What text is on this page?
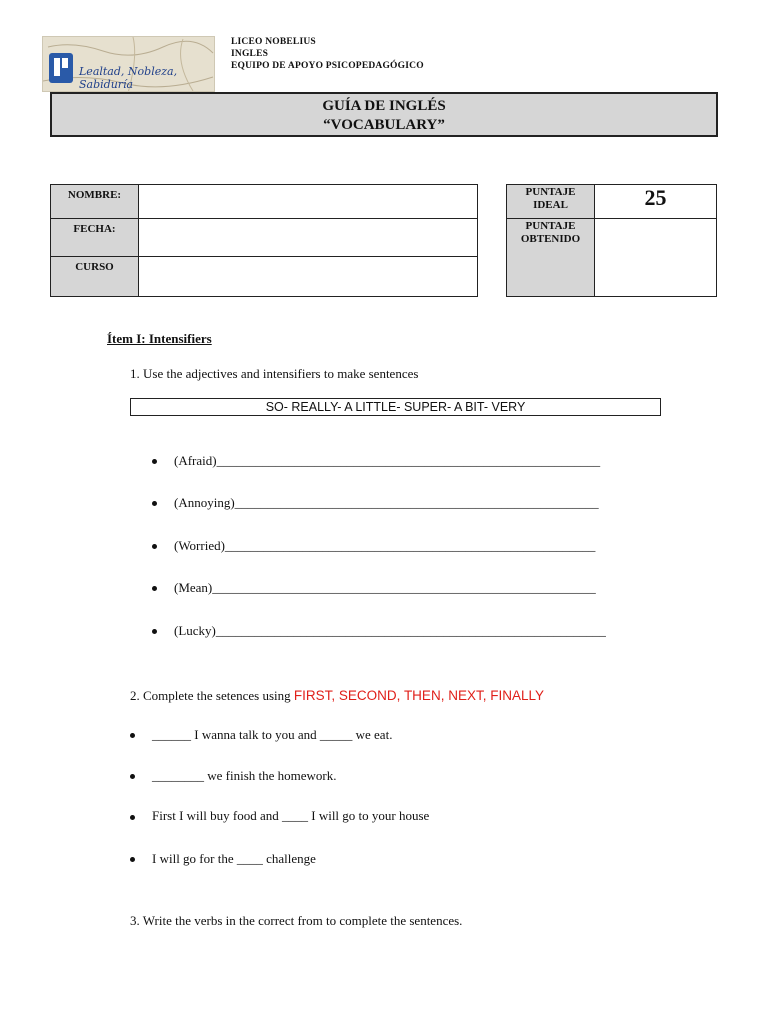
Lealtad, Nobleza, Sabiduría
LICEO NOBELIUS
INGLES
EQUIPO DE APOYO PSICOPEDAGÓGICO
GUÍA DE INGLÉS
“VOCABULARY”
NOMBRE:	
FECHA:	
CURSO	
PUNTAJE IDEAL	25
PUNTAJE OBTENIDO	
Ítem I: Intensifiers
1. Use the adjectives and intensifiers to make sentences
SO- REALLY- A LITTLE- SUPER- A BIT- VERY
(Afraid)___________________________________________________________
(Annoying)________________________________________________________
(Worried)_________________________________________________________
(Mean)___________________________________________________________
(Lucky)____________________________________________________________
2. Complete the setences using FIRST, SECOND, THEN, NEXT, FINALLY
______ I wanna talk to you and _____ we eat.
________ we finish the homework.
First I will buy food and ____ I will go to your house
I will go for the ____ challenge
3. Write the verbs in the correct from to complete the sentences.
